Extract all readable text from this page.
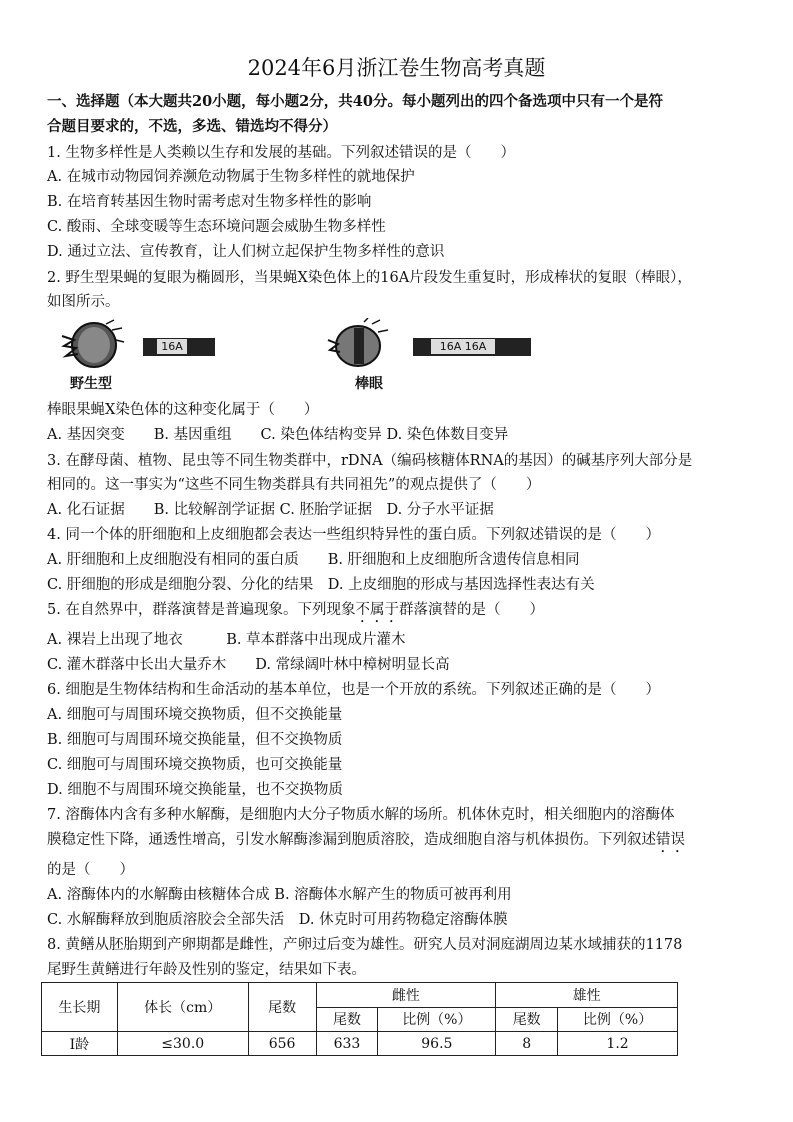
2024年6月浙江卷生物高考真题
一、选择题（本大题共20小题，每小题2分，共40分。每小题列出的四个备选项中只有一个是符
合题目要求的，不选，多选、错选均不得分）
1. 生物多样性是人类赖以生存和发展的基础。下列叙述错误的是（　　）
A. 在城市动物园饲养濒危动物属于生物多样性的就地保护
B. 在培育转基因生物时需考虑对生物多样性的影响
C. 酸雨、全球变暖等生态环境问题会威胁生物多样性
D. 通过立法、宣传教育，让人们树立起保护生物多样性的意识
2. 野生型果蝇的复眼为椭圆形，当果蝇X染色体上的16A片段发生重复时，形成棒状的复眼（棒眼），
如图所示。
16A
野生型
16A 16A
棒眼
棒眼果蝇X染色体的这种变化属于（　　）
A. 基因突变　　B. 基因重组　　C. 染色体结构变异 D. 染色体数目变异
3. 在酵母菌、植物、昆虫等不同生物类群中，rDNA（编码核糖体RNA的基因）的碱基序列大部分是
相同的。这一事实为“这些不同生物类群具有共同祖先”的观点提供了（　　）
A. 化石证据　　B. 比较解剖学证据 C. 胚胎学证据　D. 分子水平证据
4. 同一个体的肝细胞和上皮细胞都会表达一些组织特异性的蛋白质。下列叙述错误的是（　　）
A. 肝细胞和上皮细胞没有相同的蛋白质　　B. 肝细胞和上皮细胞所含遗传信息相同
C. 肝细胞的形成是细胞分裂、分化的结果　D. 上皮细胞的形成与基因选择性表达有关
5. 在自然界中，群落演替是普遍现象。下列现象不属于群落演替的是（　　）
A. 裸岩上出现了地衣　　　B. 草本群落中出现成片灌木
C. 灌木群落中长出大量乔木　　D. 常绿阔叶林中樟树明显长高
6. 细胞是生物体结构和生命活动的基本单位，也是一个开放的系统。下列叙述正确的是（　　）
A. 细胞可与周围环境交换物质，但不交换能量
B. 细胞可与周围环境交换能量，但不交换物质
C. 细胞可与周围环境交换物质，也可交换能量
D. 细胞不与周围环境交换能量，也不交换物质
7. 溶酶体内含有多种水解酶，是细胞内大分子物质水解的场所。机体休克时，相关细胞内的溶酶体
膜稳定性下降，通透性增高，引发水解酶渗漏到胞质溶胶，造成细胞自溶与机体损伤。下列叙述错误
的是（　　）
A. 溶酶体内的水解酶由核糖体合成 B. 溶酶体水解产生的物质可被再利用
C. 水解酶释放到胞质溶胶会全部失活　D. 休克时可用药物稳定溶酶体膜
8. 黄鳝从胚胎期到产卵期都是雌性，产卵过后变为雄性。研究人员对洞庭湖周边某水域捕获的1178
尾野生黄鳝进行年龄及性别的鉴定，结果如下表。
生长期	体长（cm）	尾数	雌性		雄性	
			尾数	比例（%）	尾数	比例（%）
Ⅰ龄	≤30.0	656	633	96.5	8	1.2
